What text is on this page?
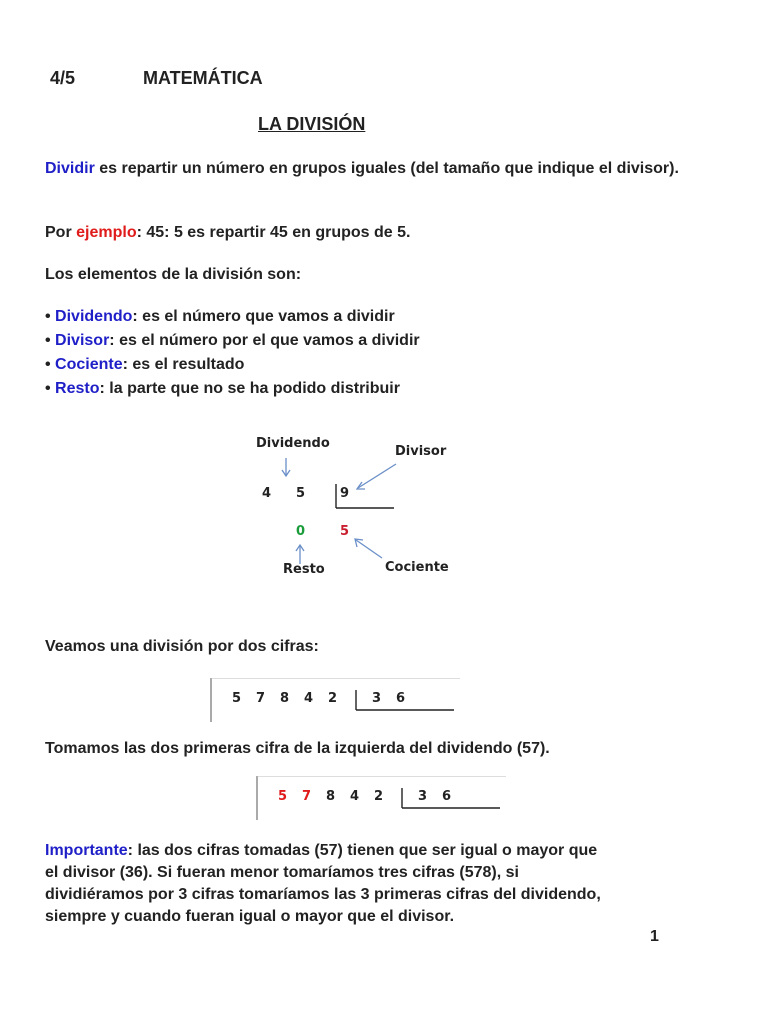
4/5	MATEMÁTICA
LA DIVISIÓN
Dividir es repartir un número en grupos iguales (del tamaño que indique el divisor).
Por ejemplo: 45: 5 es repartir 45 en grupos de 5.
Los elementos de la división son:
• Dividendo: es el número que vamos a dividir
• Divisor: es el número por el que vamos a dividir
• Cociente: es el resultado
• Resto: la parte que no se ha podido distribuir
Dividendo
Divisor
4 5	9
0	5
Resto	Cociente
Veamos una división por dos cifras:
5 7 8 4 2	3 6
Tomamos las dos primeras cifra de la izquierda del dividendo (57).
5 7 8 4 2	3 6
Importante: las dos cifras tomadas (57) tienen que ser igual o mayor que
el divisor (36). Si fueran menor tomaríamos tres cifras (578), si
dividiéramos por 3 cifras tomaríamos las 3 primeras cifras del dividendo,
siempre y cuando fueran igual o mayor que el divisor.
1
